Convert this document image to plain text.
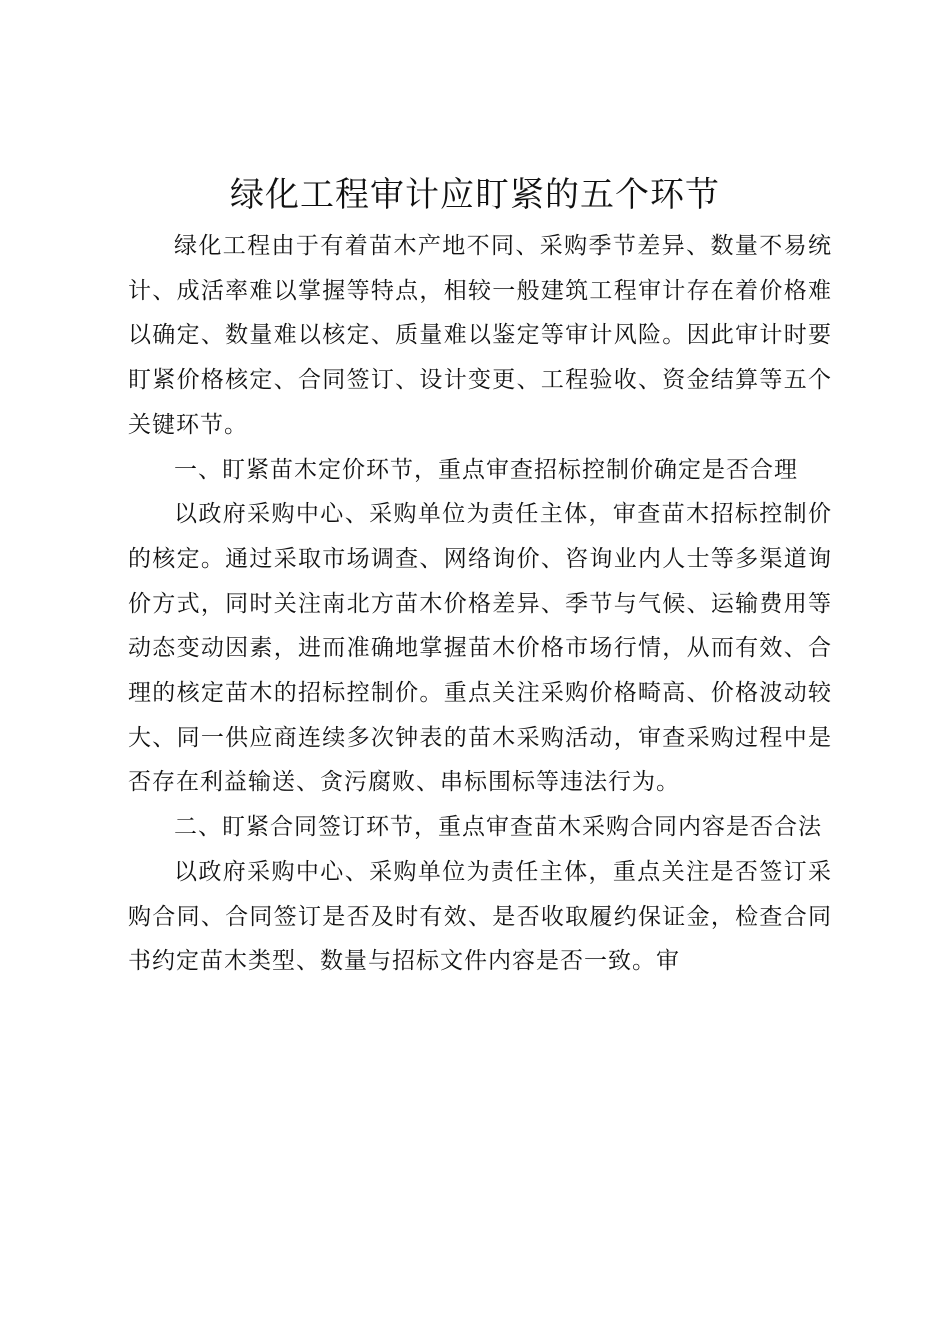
绿化工程审计应盯紧的五个环节

绿化工程由于有着苗木产地不同、采购季节差异、数量不易统计、成活率难以掌握等特点，相较一般建筑工程审计存在着价格难以确定、数量难以核定、质量难以鉴定等审计风险。因此审计时要盯紧价格核定、合同签订、设计变更、工程验收、资金结算等五个关键环节。

一、盯紧苗木定价环节，重点审查招标控制价确定是否合理

以政府采购中心、采购单位为责任主体，审查苗木招标控制价的核定。通过采取市场调查、网络询价、咨询业内人士等多渠道询价方式，同时关注南北方苗木价格差异、季节与气候、运输费用等动态变动因素，进而准确地掌握苗木价格市场行情，从而有效、合理的核定苗木的招标控制价。重点关注采购价格畸高、价格波动较大、同一供应商连续多次钟表的苗木采购活动，审查采购过程中是否存在利益输送、贪污腐败、串标围标等违法行为。

二、盯紧合同签订环节，重点审查苗木采购合同内容是否合法

以政府采购中心、采购单位为责任主体，重点关注是否签订采购合同、合同签订是否及时有效、是否收取履约保证金，检查合同书约定苗木类型、数量与招标文件内容是否一致。审
